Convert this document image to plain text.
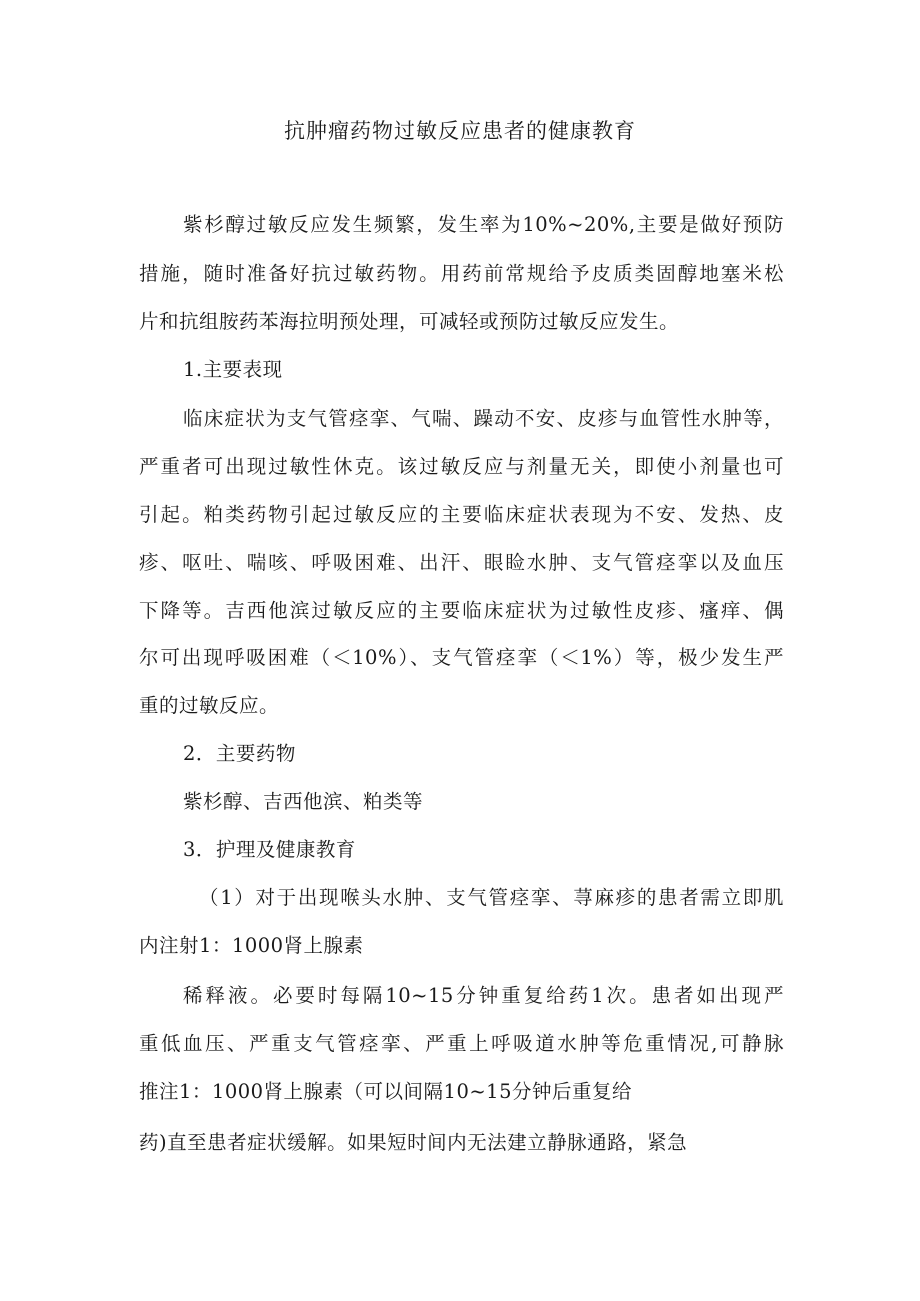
抗肿瘤药物过敏反应患者的健康教育
紫杉醇过敏反应发生频繁，发生率为10%~20%,主要是做好预防
措施，随时准备好抗过敏药物。用药前常规给予皮质类固醇地塞米松
片和抗组胺药苯海拉明预处理，可减轻或预防过敏反应发生。
1.主要表现
临床症状为支气管痉挛、气喘、躁动不安、皮疹与血管性水肿等，
严重者可出现过敏性休克。该过敏反应与剂量无关，即使小剂量也可
引起。粕类药物引起过敏反应的主要临床症状表现为不安、发热、皮
疹、呕吐、喘咳、呼吸困难、出汗、眼睑水肿、支气管痉挛以及血压
下降等。吉西他滨过敏反应的主要临床症状为过敏性皮疹、瘙痒、偶
尔可出现呼吸困难（＜10%）、支气管痉挛（＜1%）等，极少发生严
重的过敏反应。
2．主要药物
紫杉醇、吉西他滨、粕类等
3．护理及健康教育
（1）对于出现喉头水肿、支气管痉挛、荨麻疹的患者需立即肌
内注射1：1000肾上腺素
稀释液。必要时每隔10~15分钟重复给药1次。患者如出现严
重低血压、严重支气管痉挛、严重上呼吸道水肿等危重情况,可静脉
推注1：1000肾上腺素（可以间隔10~15分钟后重复给
药)直至患者症状缓解。如果短时间内无法建立静脉通路，紧急
